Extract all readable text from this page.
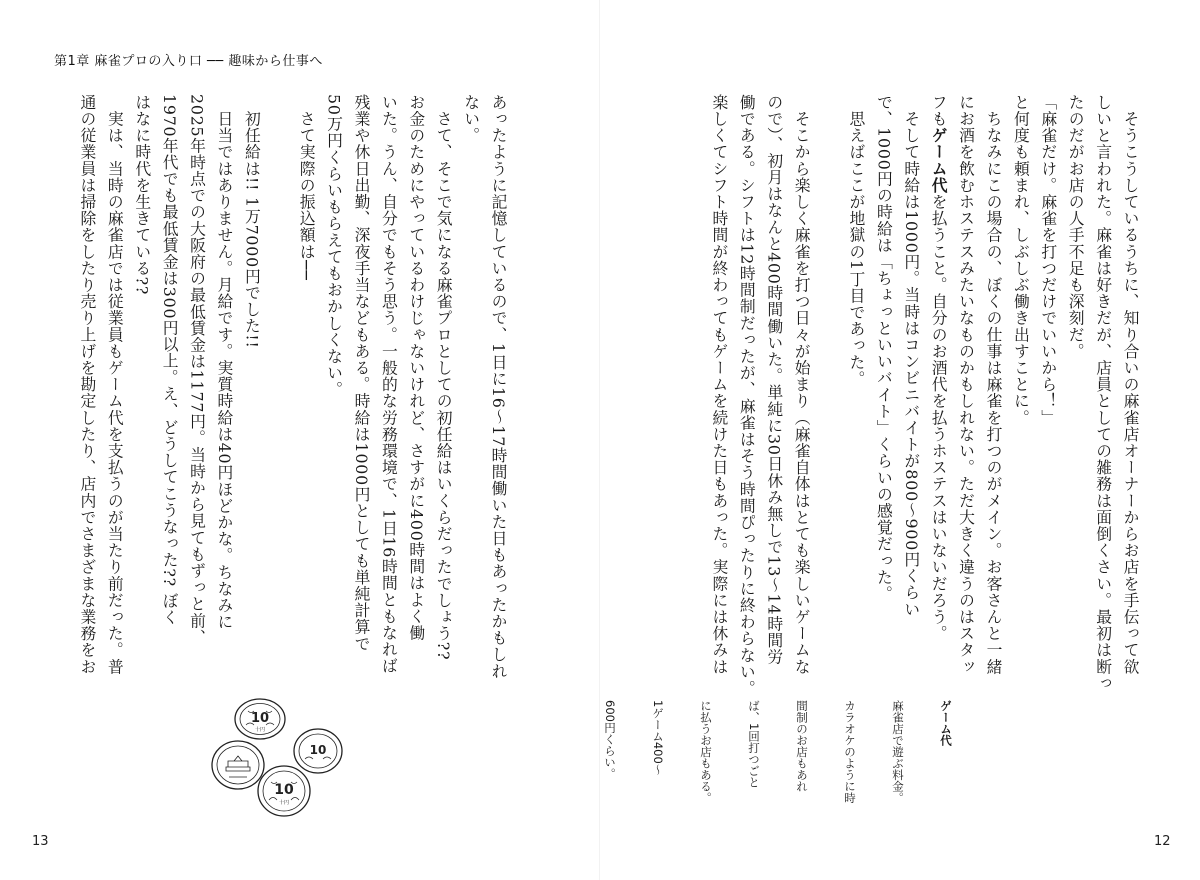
第1章 麻雀プロの入り口 ── 趣味から仕事へ

あったように記憶しているので、1日に16～17時間働いた日もあったかもしれ

ない。

　さて、そこで気になる麻雀プロとしての初任給はいくらだったでしょう??

お金のためにやっているわけじゃないけれど、さすがに400時間はよく働

いた。うん、自分でもそう思う。一般的な労務環境で、1日16時間ともなれば

残業や休日出勤、深夜手当などもある。時給は1000円としても単純計算で

50万円くらいもらえてもおかしくない。

　さて実際の振込額は──

　初任給は!! 1万7000円でした!!

　日当ではありません。月給です。実質時給は40円ほどかな。ちなみに

2025年時点での大阪府の最低賃金は1177円。当時から見てもずっと前、

1970年代でも最低賃金は300円以上。え、どうしてこうなった?? ぼく

はなに時代を生きている??

　実は、当時の麻雀店では従業員もゲーム代を支払うのが当たり前だった。普

通の従業員は掃除をしたり売り上げを勘定したり、店内でさまざまな業務をお

10
十円
10
10
十円
13

　そうこうしているうちに、知り合いの麻雀店オーナーからお店を手伝って欲

しいと言われた。麻雀は好きだが、店員としての雑務は面倒くさい。最初は断っ

たのだがお店の人手不足も深刻だ。

「麻雀だけ。麻雀を打つだけでいいから！」

と何度も頼まれ、しぶしぶ働き出すことに。

　ちなみにこの場合の、ぼくの仕事は麻雀を打つのがメイン。お客さんと一緒

にお酒を飲むホステスみたいなものかもしれない。ただ大きく違うのはスタッ

フもゲーム代を払うこと。自分のお酒代を払うホステスはいないだろう。

　そして時給は1000円。当時はコンビニバイトが800～900円くらい

で、1000円の時給は「ちょっといいバイト」くらいの感覚だった。

　思えばここが地獄の1丁目であった。

　そこから楽しく麻雀を打つ日々が始まり（麻雀自体はとても楽しいゲームな

ので）、初月はなんと400時間働いた。単純に30日休み無しで13～14時間労

働である。シフトは12時間制だったが、麻雀はそう時間ぴったりに終わらない。

楽しくてシフト時間が終わってもゲームを続けた日もあった。実際には休みは

ゲーム代

麻雀店で遊ぶ料金。

カラオケのように時

間制のお店もあれ

ば、1回打つごと

に払うお店もある。

1ゲーム400～

600円くらい。

12
